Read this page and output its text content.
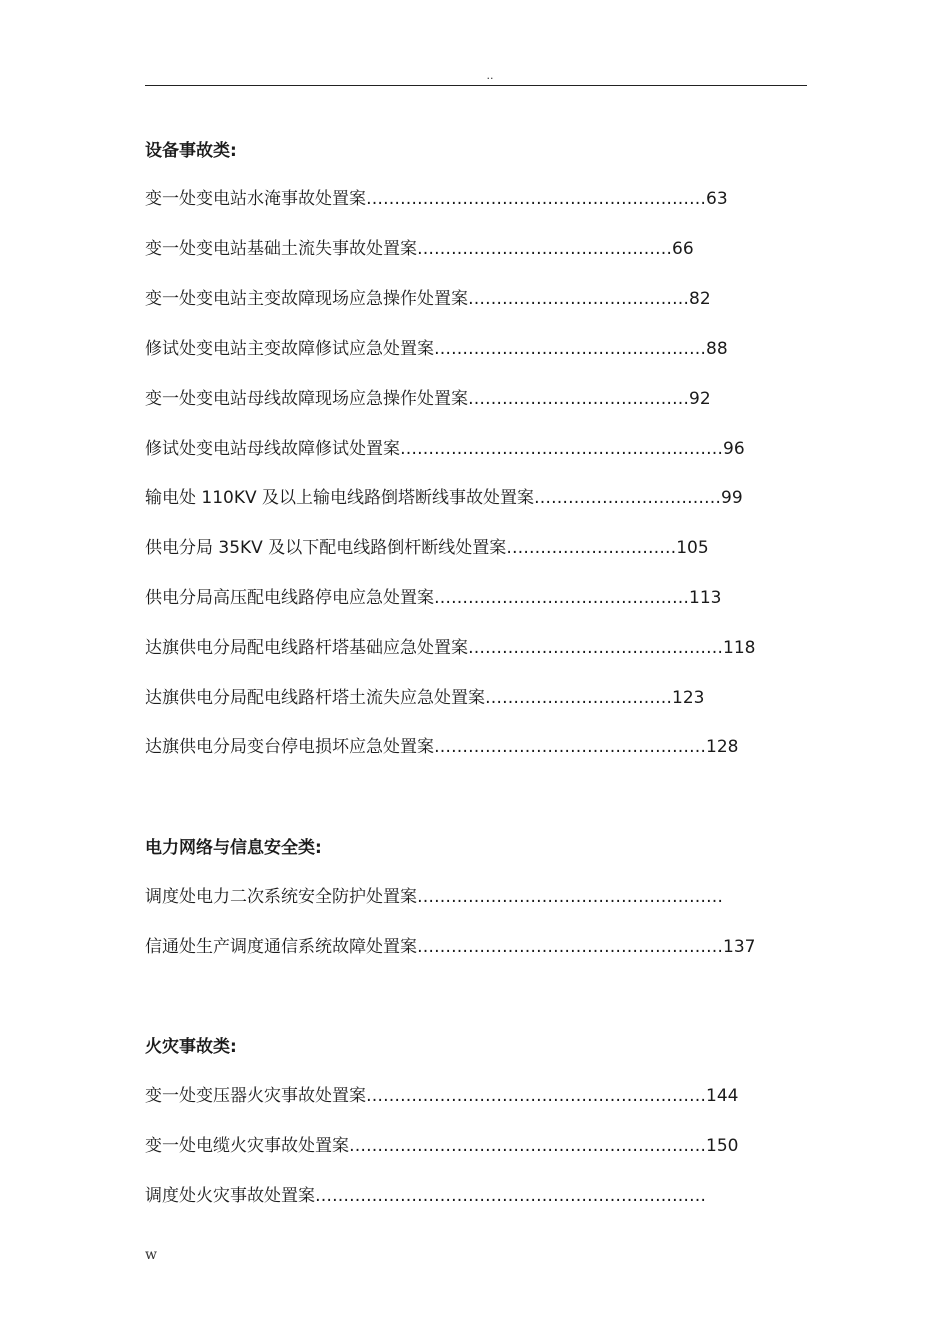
..
设备事故类:
变一处变电站水淹事故处置案……………………………………………………63
变一处变电站基础土流失事故处置案………………………………………66
变一处变电站主变故障现场应急操作处置案…………………………………82
修试处变电站主变故障修试应急处置案…………………………………………88
变一处变电站母线故障现场应急操作处置案…………………………………92
修试处变电站母线故障修试处置案…………………………………………………96
输电处 110KV 及以上输电线路倒塔断线事故处置案……………………………99
供电分局 35KV 及以下配电线路倒杆断线处置案…………………………105
供电分局高压配电线路停电应急处置案………………………………………113
达旗供电分局配电线路杆塔基础应急处置案………………………………………118
达旗供电分局配电线路杆塔土流失应急处置案……………………………123
达旗供电分局变台停电损坏应急处置案…………………………………………128
电力网络与信息安全类:
调度处电力二次系统安全防护处置案………………………………………………
信通处生产调度通信系统故障处置案………………………………………………137
火灾事故类:
变一处变压器火灾事故处置案……………………………………………………144
变一处电缆火灾事故处置案………………………………………………………150
调度处火灾事故处置案……………………………………………………………
w
